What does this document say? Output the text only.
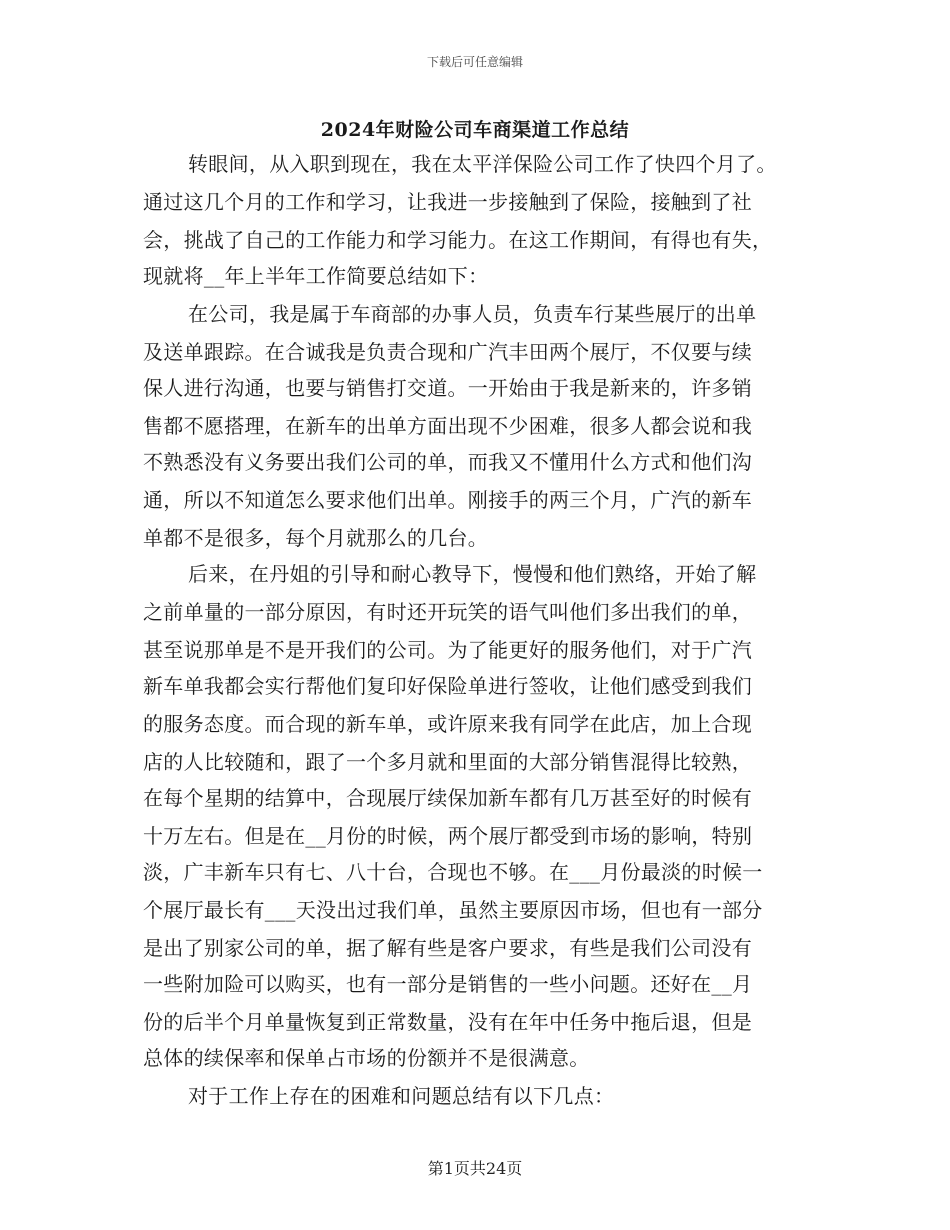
下载后可任意编辑
2024年财险公司车商渠道工作总结
转眼间，从入职到现在，我在太平洋保险公司工作了快四个月了。
通过这几个月的工作和学习，让我进一步接触到了保险，接触到了社
会，挑战了自己的工作能力和学习能力。在这工作期间，有得也有失，
现就将__年上半年工作简要总结如下：
在公司，我是属于车商部的办事人员，负责车行某些展厅的出单
及送单跟踪。在合诚我是负责合现和广汽丰田两个展厅，不仅要与续
保人进行沟通，也要与销售打交道。一开始由于我是新来的，许多销
售都不愿搭理，在新车的出单方面出现不少困难，很多人都会说和我
不熟悉没有义务要出我们公司的单，而我又不懂用什么方式和他们沟
通，所以不知道怎么要求他们出单。刚接手的两三个月，广汽的新车
单都不是很多，每个月就那么的几台。
后来，在丹姐的引导和耐心教导下，慢慢和他们熟络，开始了解
之前单量的一部分原因，有时还开玩笑的语气叫他们多出我们的单，
甚至说那单是不是开我们的公司。为了能更好的服务他们，对于广汽
新车单我都会实行帮他们复印好保险单进行签收，让他们感受到我们
的服务态度。而合现的新车单，或许原来我有同学在此店，加上合现
店的人比较随和，跟了一个多月就和里面的大部分销售混得比较熟，
在每个星期的结算中，合现展厅续保加新车都有几万甚至好的时候有
十万左右。但是在__月份的时候，两个展厅都受到市场的影响，特别
淡，广丰新车只有七、八十台，合现也不够。在___月份最淡的时候一
个展厅最长有___天没出过我们单，虽然主要原因市场，但也有一部分
是出了别家公司的单，据了解有些是客户要求，有些是我们公司没有
一些附加险可以购买，也有一部分是销售的一些小问题。还好在__月
份的后半个月单量恢复到正常数量，没有在年中任务中拖后退，但是
总体的续保率和保单占市场的份额并不是很满意。
对于工作上存在的困难和问题总结有以下几点：
第1页共24页
